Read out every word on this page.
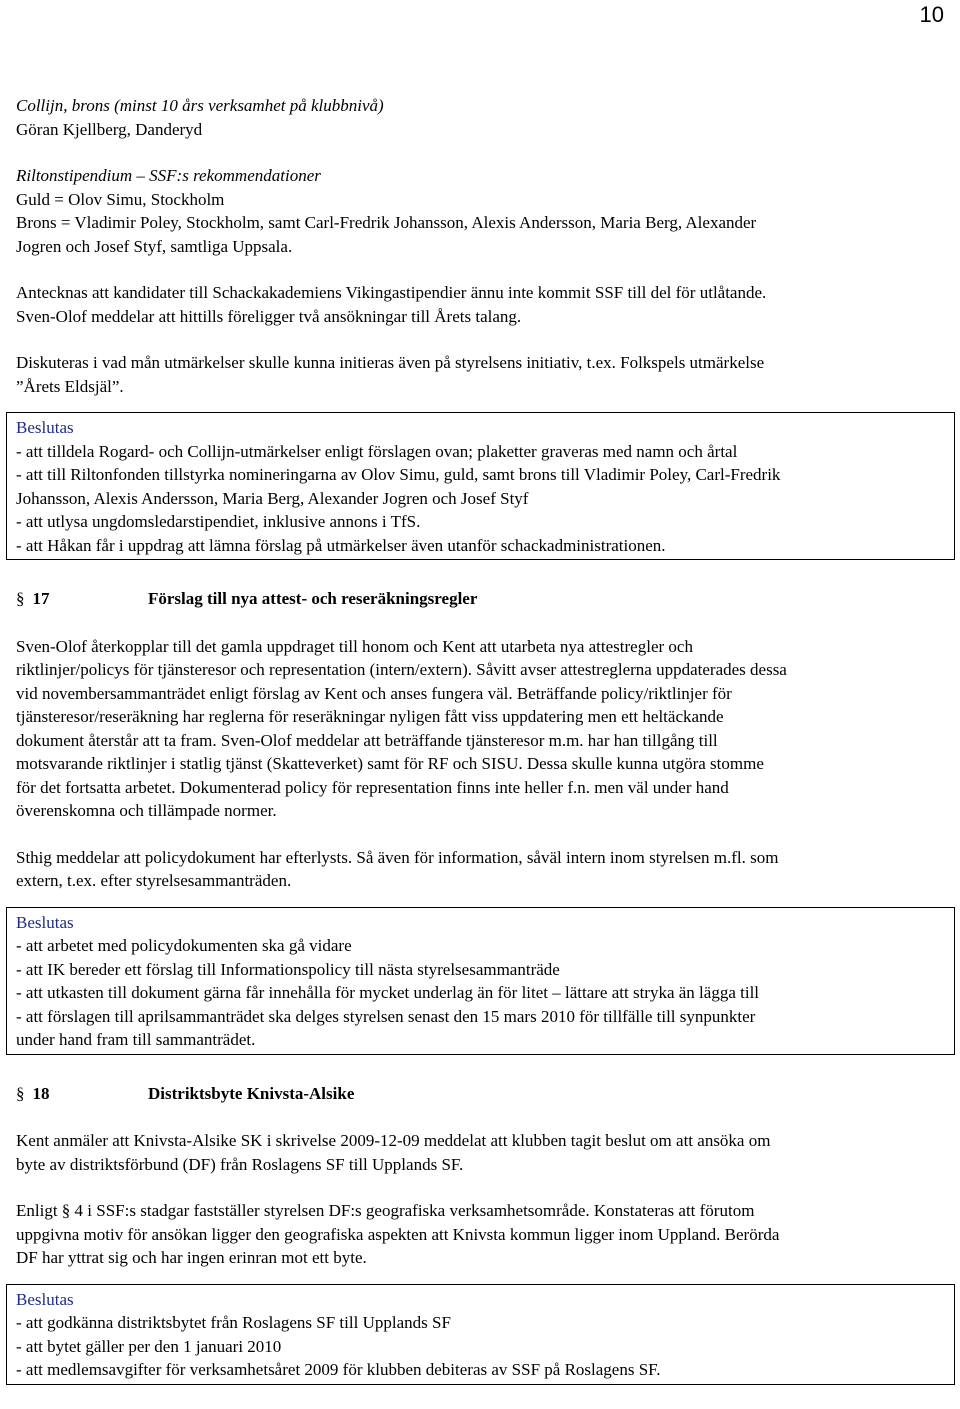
10
Collijn, brons (minst 10 års verksamhet på klubbnivå)
Göran Kjellberg, Danderyd
Riltonstipendium – SSF:s rekommendationer
Guld = Olov Simu, Stockholm
Brons = Vladimir Poley, Stockholm, samt Carl-Fredrik Johansson, Alexis Andersson, Maria Berg, Alexander
Jogren och Josef Styf, samtliga Uppsala.
Antecknas att kandidater till Schackakademiens Vikingastipendier ännu inte kommit SSF till del för utlåtande.
Sven-Olof meddelar att hittills föreligger två ansökningar till Årets talang.
Diskuteras i vad mån utmärkelser skulle kunna initieras även på styrelsens initiativ, t.ex. Folkspels utmärkelse
”Årets Eldsjäl”.
Beslutas
- att tilldela Rogard- och Collijn-utmärkelser enligt förslagen ovan; plaketter graveras med namn och årtal
- att till Riltonfonden tillstyrka nomineringarna av Olov Simu, guld, samt brons till Vladimir Poley, Carl-Fredrik
Johansson, Alexis Andersson, Maria Berg, Alexander Jogren och Josef Styf
- att utlysa ungdomsledarstipendiet, inklusive annons i TfS.
- att Håkan får i uppdrag att lämna förslag på utmärkelser även utanför schackadministrationen.
§ 17	Förslag till nya attest- och reseräkningsregler
Sven-Olof återkopplar till det gamla uppdraget till honom och Kent att utarbeta nya attestregler och
riktlinjer/policys för tjänsteresor och representation (intern/extern). Såvitt avser attestreglerna uppdaterades dessa
vid novembersammanträdet enligt förslag av Kent och anses fungera väl. Beträffande policy/riktlinjer för
tjänsteresor/reseräkning har reglerna för reseräkningar nyligen fått viss uppdatering men ett heltäckande
dokument återstår att ta fram. Sven-Olof meddelar att beträffande tjänsteresor m.m. har han tillgång till
motsvarande riktlinjer i statlig tjänst (Skatteverket) samt för RF och SISU. Dessa skulle kunna utgöra stomme
för det fortsatta arbetet. Dokumenterad policy för representation finns inte heller f.n. men väl under hand
överenskomna och tillämpade normer.
Sthig meddelar att policydokument har efterlysts. Så även för information, såväl intern inom styrelsen m.fl. som
extern, t.ex. efter styrelsesammanträden.
Beslutas
- att arbetet med policydokumenten ska gå vidare
- att IK bereder ett förslag till Informationspolicy till nästa styrelsesammanträde
- att utkasten till dokument gärna får innehålla för mycket underlag än för litet – lättare att stryka än lägga till
- att förslagen till aprilsammanträdet ska delges styrelsen senast den 15 mars 2010 för tillfälle till synpunkter
under hand fram till sammanträdet.
§ 18	Distriktsbyte Knivsta-Alsike
Kent anmäler att Knivsta-Alsike SK i skrivelse 2009-12-09 meddelat att klubben tagit beslut om att ansöka om
byte av distriktsförbund (DF) från Roslagens SF till Upplands SF.
Enligt § 4 i SSF:s stadgar fastställer styrelsen DF:s geografiska verksamhetsområde. Konstateras att förutom
uppgivna motiv för ansökan ligger den geografiska aspekten att Knivsta kommun ligger inom Uppland. Berörda
DF har yttrat sig och har ingen erinran mot ett byte.
Beslutas
- att godkänna distriktsbytet från Roslagens SF till Upplands SF
- att bytet gäller per den 1 januari 2010
- att medlemsavgifter för verksamhetsåret 2009 för klubben debiteras av SSF på Roslagens SF.
